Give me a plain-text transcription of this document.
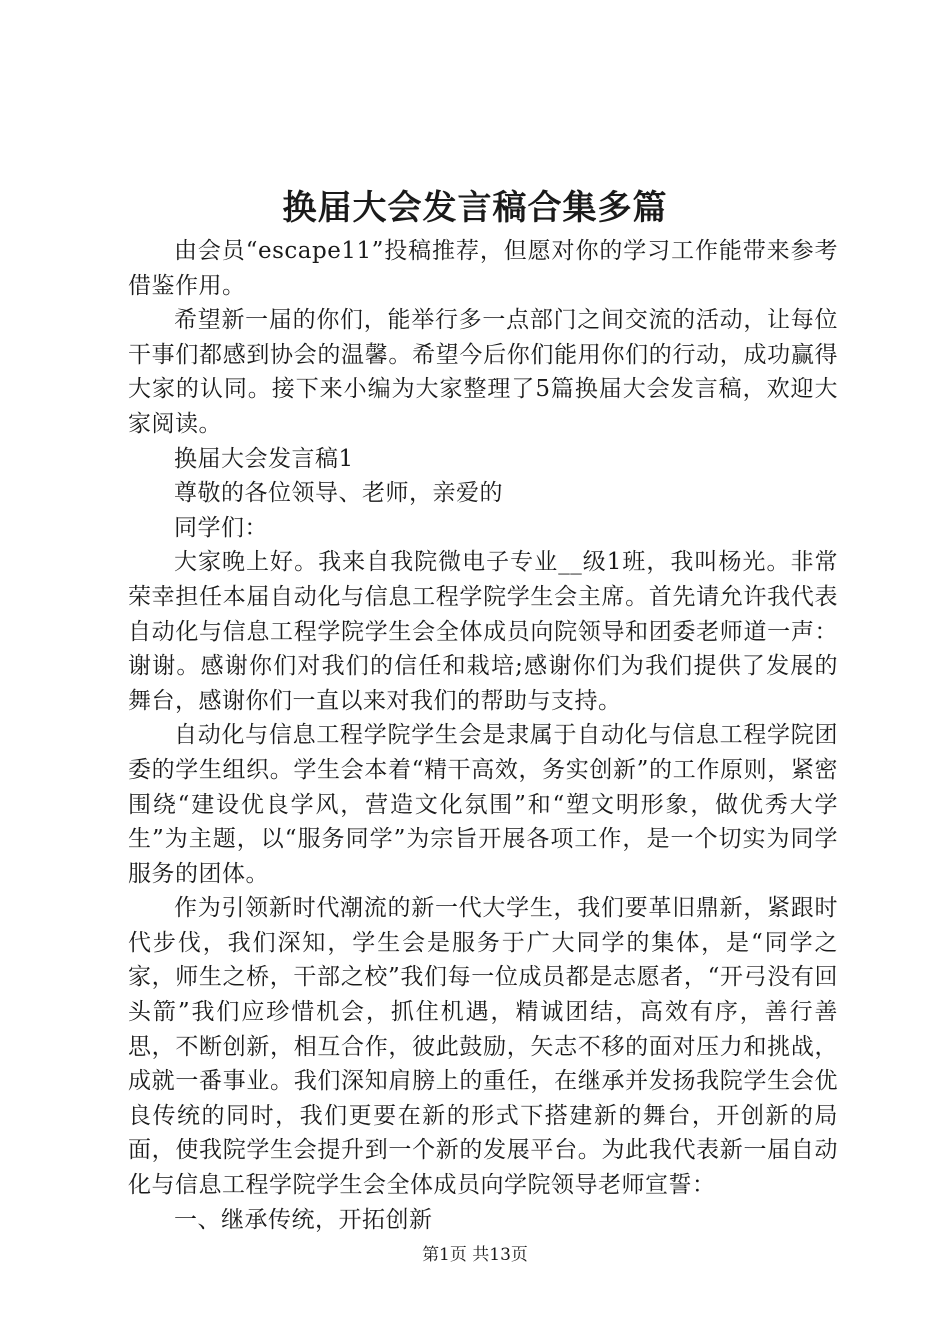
换届大会发言稿合集多篇

由会员“escape11”投稿推荐，但愿对你的学习工作能带来参考借鉴作用。

希望新一届的你们，能举行多一点部门之间交流的活动，让每位干事们都感到协会的温馨。希望今后你们能用你们的行动，成功赢得大家的认同。接下来小编为大家整理了5篇换届大会发言稿，欢迎大家阅读。

换届大会发言稿1

尊敬的各位领导、老师，亲爱的

同学们：

大家晚上好。我来自我院微电子专业__级1班，我叫杨光。非常荣幸担任本届自动化与信息工程学院学生会主席。首先请允许我代表自动化与信息工程学院学生会全体成员向院领导和团委老师道一声：谢谢。感谢你们对我们的信任和栽培;感谢你们为我们提供了发展的舞台，感谢你们一直以来对我们的帮助与支持。

自动化与信息工程学院学生会是隶属于自动化与信息工程学院团委的学生组织。学生会本着“精干高效，务实创新”的工作原则，紧密围绕“建设优良学风，营造文化氛围”和“塑文明形象，做优秀大学生”为主题，以“服务同学”为宗旨开展各项工作，是一个切实为同学服务的团体。

作为引领新时代潮流的新一代大学生，我们要革旧鼎新，紧跟时代步伐，我们深知，学生会是服务于广大同学的集体，是“同学之家，师生之桥，干部之校”我们每一位成员都是志愿者，“开弓没有回头箭”我们应珍惜机会，抓住机遇，精诚团结，高效有序，善行善思，不断创新，相互合作，彼此鼓励，矢志不移的面对压力和挑战，成就一番事业。我们深知肩膀上的重任，在继承并发扬我院学生会优良传统的同时，我们更要在新的形式下搭建新的舞台，开创新的局面，使我院学生会提升到一个新的发展平台。为此我代表新一届自动化与信息工程学院学生会全体成员向学院领导老师宣誓：

一、继承传统，开拓创新

第1页 共13页
